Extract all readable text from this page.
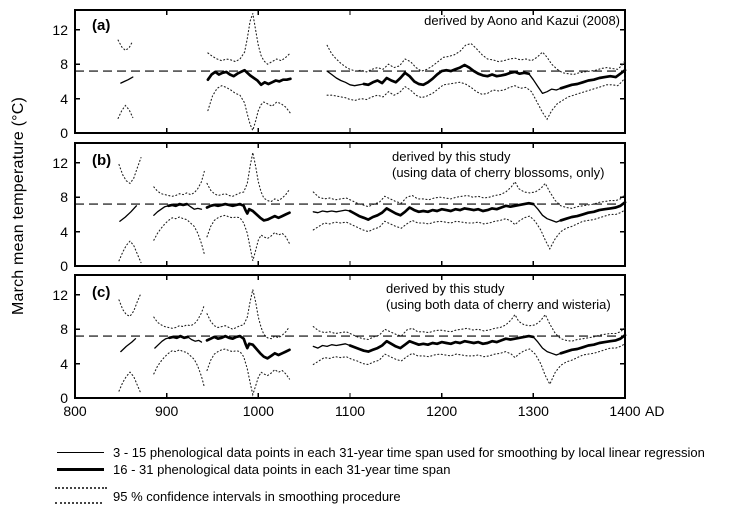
March mean temperature (°C)
(a)
(b)
(c)
derived by Aono and Kazui (2008)
derived by this study
(using data of cherry blossoms, only)
derived by this study
(using both data of cherry and wisteria)
3 - 15 phenological data points in each 31-year time span used for smoothing by local linear regression
16 - 31 phenological data points in each 31-year time span
95 % confidence intervals in smoothing procedure
0
4
8
12
0
4
8
12
0
4
8
12
800	900	1000	1100	1200	1300	1400 AD
